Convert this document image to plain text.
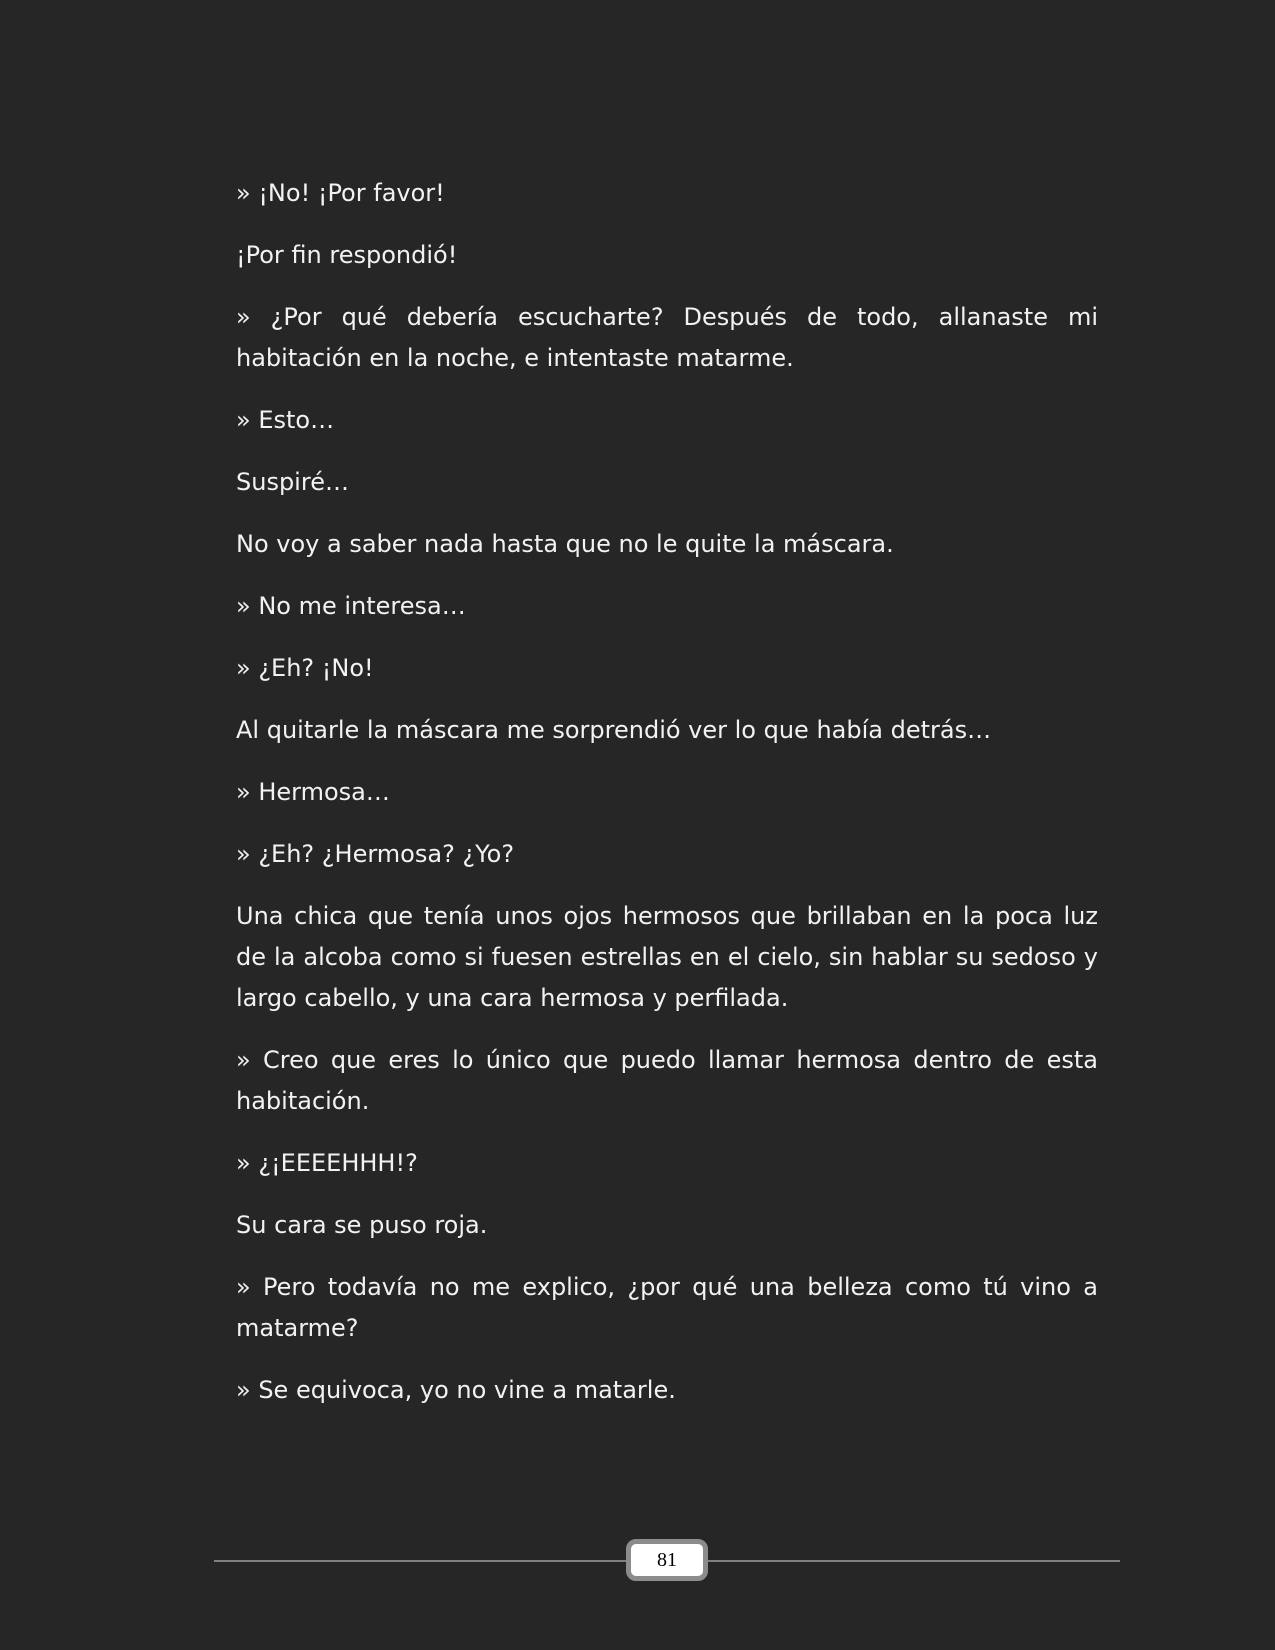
» ¡No! ¡Por favor!

¡Por fin respondió!

» ¿Por qué debería escucharte? Después de todo, allanaste mi habitación en la noche, e intentaste matarme.

» Esto…

Suspiré…

No voy a saber nada hasta que no le quite la máscara.

» No me interesa…

» ¿Eh? ¡No!

Al quitarle la máscara me sorprendió ver lo que había detrás…

» Hermosa…

» ¿Eh? ¿Hermosa? ¿Yo?

Una chica que tenía unos ojos hermosos que brillaban en la poca luz de la alcoba como si fuesen estrellas en el cielo, sin hablar su sedoso y largo cabello, y una cara hermosa y perfilada.

» Creo que eres lo único que puedo llamar hermosa dentro de esta habitación.

» ¿¡EEEEHHH!?

Su cara se puso roja.

» Pero todavía no me explico, ¿por qué una belleza como tú vino a matarme?

» Se equivoca, yo no vine a matarle.

81
